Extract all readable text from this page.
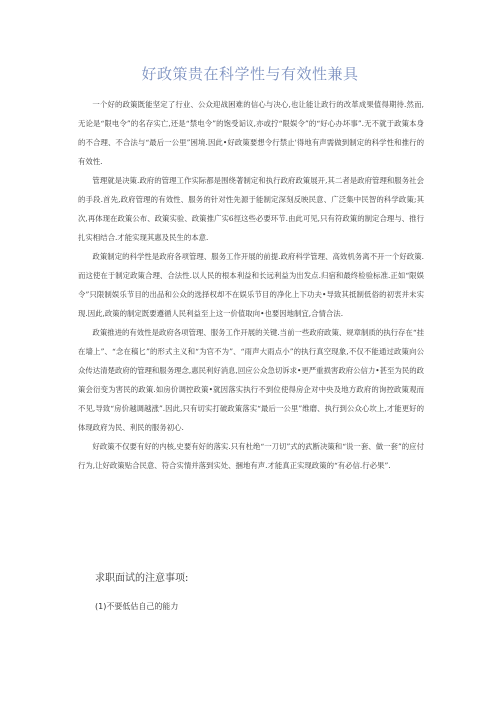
好政策贵在科学性与有效性兼具

一个好的政策既能坚定了行业、公众迎战困难的信心与决心,也让能让政行的改革成果值得期待.然而,无论是“限电令”的名存实亡,还是“禁电令”的饱受诟议,亦或拧“限娱令”的“好心办坏事”.无不就于政策本身的不合理、不合法与“最后一公里”困境.因此•好政策要想令行禁止'得地有声需做到制定的科学性和推行的有效性.

管理就是决策.政府的管理工作实际都是围绕著制定和执行政府政策展开,其二者是政府管理和服务社会的手段.首先,政府管理的有效性、服务的针对性先源于能制定深刻反映民意、广泛集中民智的科学政策;其次,再体现在政策公布、政策实验、政策推广实6徑这些必要环节.由此可见,只有符政策的制定合理与、推行扎实相结合.才能实现其惠及民生的本意.

政策制定的科学性是政府各项管理、服务工作开展的前提.政府科学管理、高效机务离不开一个好政策.而这使在于制定政策合理、合法性.以人民的根本利益和长远利益为出发点.归宿和最终检验标准.正如“限娱令”只限制娱乐节目的出品和公众的选择权却不在娱乐节目的净化上下功夫•导致其抵制低俗的初衷并未实现.因此,政策的制定既要遵循人民利益至上这一价值取向•也要因地制宜,合情合法.

政策推进的有效性是政府各项管理、服务工作开展的关键.当前一些政府政策、规章制质的执行存在“挂在墙上”、“念在稿匕”的形式主义和“为官不为”、“雨声大雨点小”的执行真空现象,不仅不能通过政策向公众传达清楚政府的管理和服务理念,惠民利好消息,回应公众急切诉求•更严重损害政府公信力•甚至为民的政策会衍变为害民的政策.如房价调控政策•就因落实执行不到位使得房企对中央及地方政府的询控政策观而不见,导致“房价越调越涨”.因此,只有切实打破政策落实“最后一公里”维磨、执行到公众心坎上,才能更好的体现政府为民、利民的服务初心.

好政策不仅要有好的内核,史要有好的落实.只有杜绝“一刀切”式的武断决策和“说一套、做一套”的应付行为,让好政策贴合民意、符合实情并落到实处、捆地有声.才能真正实现政策的“有必信.行必果”.

求职面试的注意事项:
(1)不要低估自己的能力
